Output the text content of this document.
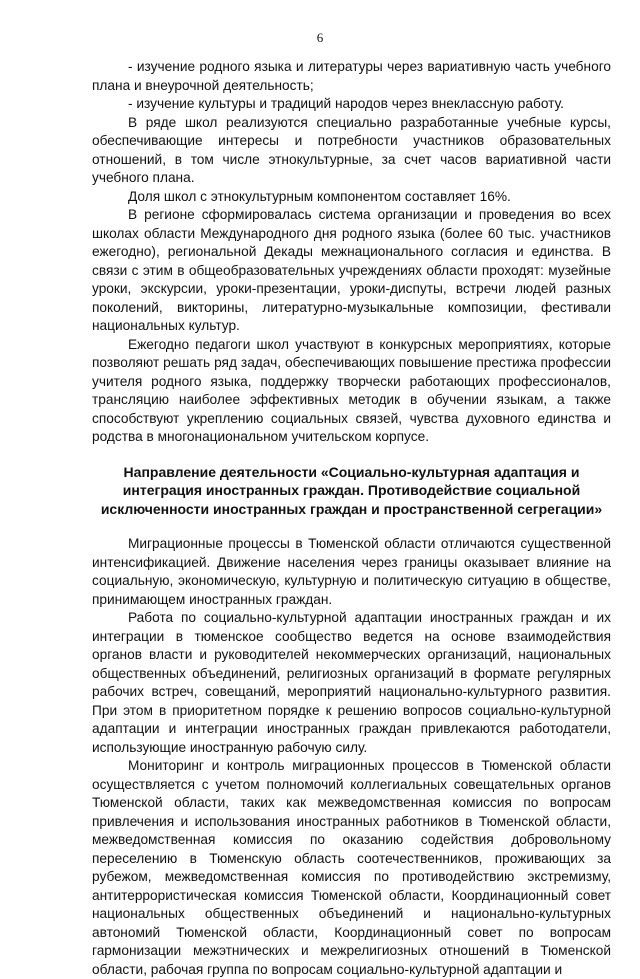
6

- изучение родного языка и литературы через вариативную часть учебного плана и внеурочной деятельность;

- изучение культуры и традиций народов через внеклассную работу.

В ряде школ реализуются специально разработанные учебные курсы, обеспечивающие интересы и потребности участников образовательных отношений, в том числе этнокультурные, за счет часов вариативной части учебного плана.

Доля школ с этнокультурным компонентом составляет 16%.

В регионе сформировалась система организации и проведения во всех школах области Международного дня родного языка (более 60 тыс. участников ежегодно), региональной Декады межнационального согласия и единства. В связи с этим в общеобразовательных учреждениях области проходят: музейные уроки, экскурсии, уроки-презентации, уроки-диспуты, встречи людей разных поколений, викторины, литературно-музыкальные композиции, фестивали национальных культур.

Ежегодно педагоги школ участвуют в конкурсных мероприятиях, которые позволяют решать ряд задач, обеспечивающих повышение престижа профессии учителя родного языка, поддержку творчески работающих профессионалов, трансляцию наиболее эффективных методик в обучении языкам, а также способствуют укреплению социальных связей, чувства духовного единства и родства в многонациональном учительском корпусе.

Направление деятельности «Социально-культурная адаптация и интеграция иностранных граждан. Противодействие социальной исключенности иностранных граждан и пространственной сегрегации»

Миграционные процессы в Тюменской области отличаются существенной интенсификацией. Движение населения через границы оказывает влияние на социальную, экономическую, культурную и политическую ситуацию в обществе, принимающем иностранных граждан.

Работа по социально-культурной адаптации иностранных граждан и их интеграции в тюменское сообщество ведется на основе взаимодействия органов власти и руководителей некоммерческих организаций, национальных общественных объединений, религиозных организаций в формате регулярных рабочих встреч, совещаний, мероприятий национально-культурного развития. При этом в приоритетном порядке к решению вопросов социально-культурной адаптации и интеграции иностранных граждан привлекаются работодатели, использующие иностранную рабочую силу.

Мониторинг и контроль миграционных процессов в Тюменской области осуществляется с учетом полномочий коллегиальных совещательных органов Тюменской области, таких как межведомственная комиссия по вопросам привлечения и использования иностранных работников в Тюменской области, межведомственная комиссия по оказанию содействия добровольному переселению в Тюменскую область соотечественников, проживающих за рубежом, межведомственная комиссия по противодействию экстремизму, антитеррористическая комиссия Тюменской области, Координационный совет национальных общественных объединений и национально-культурных автономий Тюменской области, Координационный совет по вопросам гармонизации межэтнических и межрелигиозных отношений в Тюменской области, рабочая группа по вопросам социально-культурной адаптации и
